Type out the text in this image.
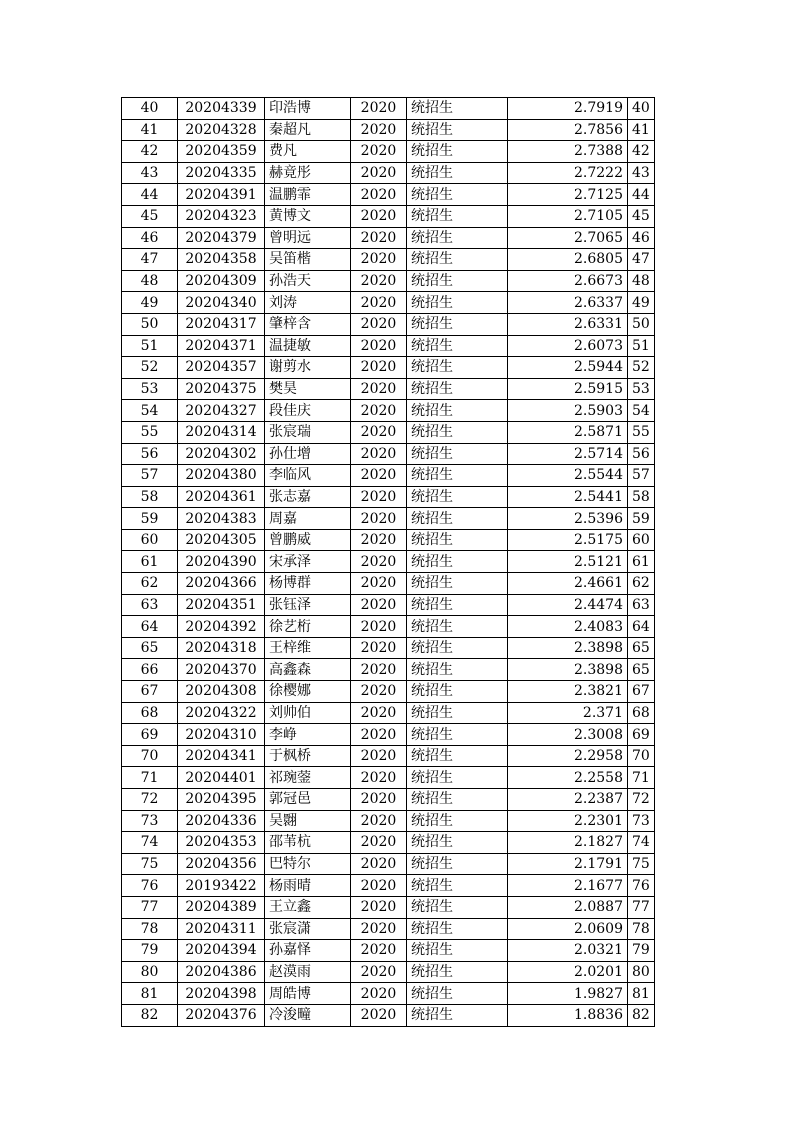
40	20204339	印浩博	2020	统招生	2.7919	40
41	20204328	秦超凡	2020	统招生	2.7856	41
42	20204359	费凡	2020	统招生	2.7388	42
43	20204335	赫竟彤	2020	统招生	2.7222	43
44	20204391	温鹏霏	2020	统招生	2.7125	44
45	20204323	黄博文	2020	统招生	2.7105	45
46	20204379	曾明远	2020	统招生	2.7065	46
47	20204358	吴笛楷	2020	统招生	2.6805	47
48	20204309	孙浩天	2020	统招生	2.6673	48
49	20204340	刘涛	2020	统招生	2.6337	49
50	20204317	肇梓含	2020	统招生	2.6331	50
51	20204371	温捷敏	2020	统招生	2.6073	51
52	20204357	谢剪水	2020	统招生	2.5944	52
53	20204375	樊昊	2020	统招生	2.5915	53
54	20204327	段佳庆	2020	统招生	2.5903	54
55	20204314	张宸瑞	2020	统招生	2.5871	55
56	20204302	孙仕增	2020	统招生	2.5714	56
57	20204380	李临风	2020	统招生	2.5544	57
58	20204361	张志嘉	2020	统招生	2.5441	58
59	20204383	周嘉	2020	统招生	2.5396	59
60	20204305	曾鹏威	2020	统招生	2.5175	60
61	20204390	宋承泽	2020	统招生	2.5121	61
62	20204366	杨博群	2020	统招生	2.4661	62
63	20204351	张钰泽	2020	统招生	2.4474	63
64	20204392	徐艺桁	2020	统招生	2.4083	64
65	20204318	王梓维	2020	统招生	2.3898	65
66	20204370	高鑫森	2020	统招生	2.3898	65
67	20204308	徐樱娜	2020	统招生	2.3821	67
68	20204322	刘帅伯	2020	统招生	2.371	68
69	20204310	李峥	2020	统招生	2.3008	69
70	20204341	于枫桥	2020	统招生	2.2958	70
71	20204401	祁琬蓥	2020	统招生	2.2558	71
72	20204395	郭冠邑	2020	统招生	2.2387	72
73	20204336	吴翾	2020	统招生	2.2301	73
74	20204353	邵苇杭	2020	统招生	2.1827	74
75	20204356	巴特尔	2020	统招生	2.1791	75
76	20193422	杨雨晴	2020	统招生	2.1677	76
77	20204389	王立鑫	2020	统招生	2.0887	77
78	20204311	张宸潇	2020	统招生	2.0609	78
79	20204394	孙嘉怿	2020	统招生	2.0321	79
80	20204386	赵漠雨	2020	统招生	2.0201	80
81	20204398	周皓博	2020	统招生	1.9827	81
82	20204376	冷浚疃	2020	统招生	1.8836	82
